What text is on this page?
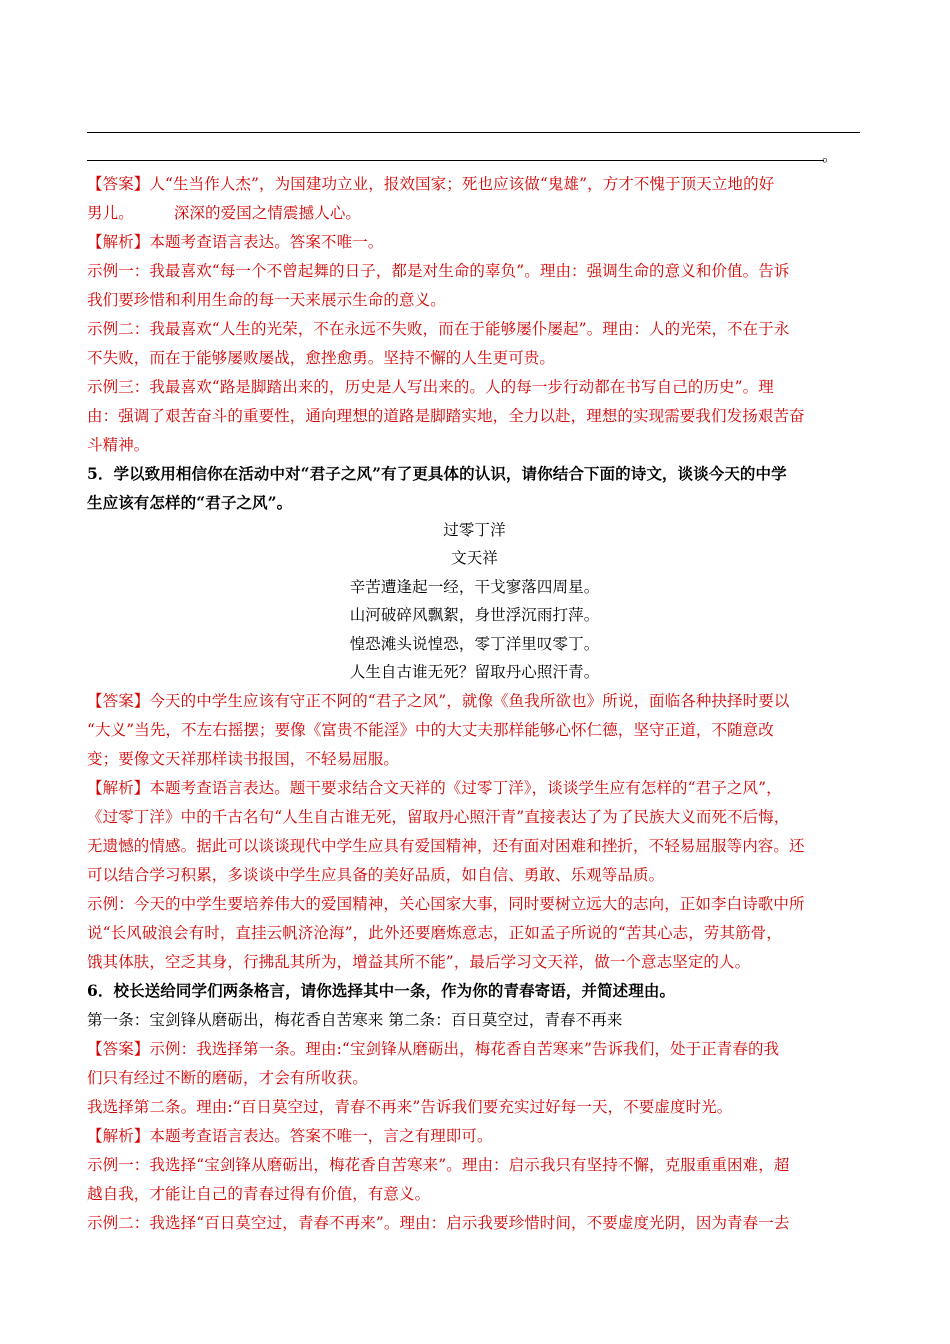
。
【答案】人“生当作人杰”，为国建功立业，报效国家；死也应该做“鬼雄”，方才不愧于顶天立地的好
男儿。	深深的爱国之情震撼人心。
【解析】本题考查语言表达。答案不唯一。
示例一：我最喜欢“每一个不曾起舞的日子，都是对生命的辜负”。理由：强调生命的意义和价值。告诉
我们要珍惜和利用生命的每一天来展示生命的意义。
示例二：我最喜欢“人生的光荣，不在永远不失败，而在于能够屡仆屡起”。理由：人的光荣，不在于永
不失败，而在于能够屡败屡战，愈挫愈勇。坚持不懈的人生更可贵。
示例三：我最喜欢“路是脚踏出来的，历史是人写出来的。人的每一步行动都在书写自己的历史”。理
由：强调了艰苦奋斗的重要性，通向理想的道路是脚踏实地，全力以赴，理想的实现需要我们发扬艰苦奋
斗精神。
5．学以致用相信你在活动中对“君子之风”有了更具体的认识，请你结合下面的诗文，谈谈今天的中学
生应该有怎样的“君子之风”。
过零丁洋
文天祥
辛苦遭逢起一经，干戈寥落四周星。
山河破碎风飘絮，身世浮沉雨打萍。
惶恐滩头说惶恐，零丁洋里叹零丁。
人生自古谁无死？留取丹心照汗青。
【答案】今天的中学生应该有守正不阿的“君子之风”，就像《鱼我所欲也》所说，面临各种抉择时要以
“大义”当先，不左右摇摆；要像《富贵不能淫》中的大丈夫那样能够心怀仁德，坚守正道，不随意改
变；要像文天祥那样读书报国，不轻易屈服。
【解析】本题考查语言表达。题干要求结合文天祥的《过零丁洋》，谈谈学生应有怎样的“君子之风”，
《过零丁洋》中的千古名句“人生自古谁无死，留取丹心照汗青”直接表达了为了民族大义而死不后悔，
无遗憾的情感。据此可以谈谈现代中学生应具有爱国精神，还有面对困难和挫折，不轻易屈服等内容。还
可以结合学习积累，多谈谈中学生应具备的美好品质，如自信、勇敢、乐观等品质。
示例：今天的中学生要培养伟大的爱国精神，关心国家大事，同时要树立远大的志向，正如李白诗歌中所
说“长风破浪会有时，直挂云帆济沧海”，此外还要磨炼意志，正如孟子所说的“苦其心志，劳其筋骨，
饿其体肤，空乏其身，行拂乱其所为，增益其所不能”，最后学习文天祥，做一个意志坚定的人。
6．校长送给同学们两条格言，请你选择其中一条，作为你的青春寄语，并简述理由。
第一条：宝剑锋从磨砺出，梅花香自苦寒来 第二条：百日莫空过，青春不再来
【答案】示例：我选择第一条。理由:“宝剑锋从磨砺出，梅花香自苦寒来”告诉我们，处于正青春的我
们只有经过不断的磨砺，才会有所收获。
我选择第二条。理由:“百日莫空过，青春不再来”告诉我们要充实过好每一天，不要虚度时光。
【解析】本题考查语言表达。答案不唯一，言之有理即可。
示例一：我选择“宝剑锋从磨砺出，梅花香自苦寒来”。理由：启示我只有坚持不懈，克服重重困难，超
越自我，才能让自己的青春过得有价值，有意义。
示例二：我选择“百日莫空过，青春不再来”。理由：启示我要珍惜时间，不要虚度光阴，因为青春一去
